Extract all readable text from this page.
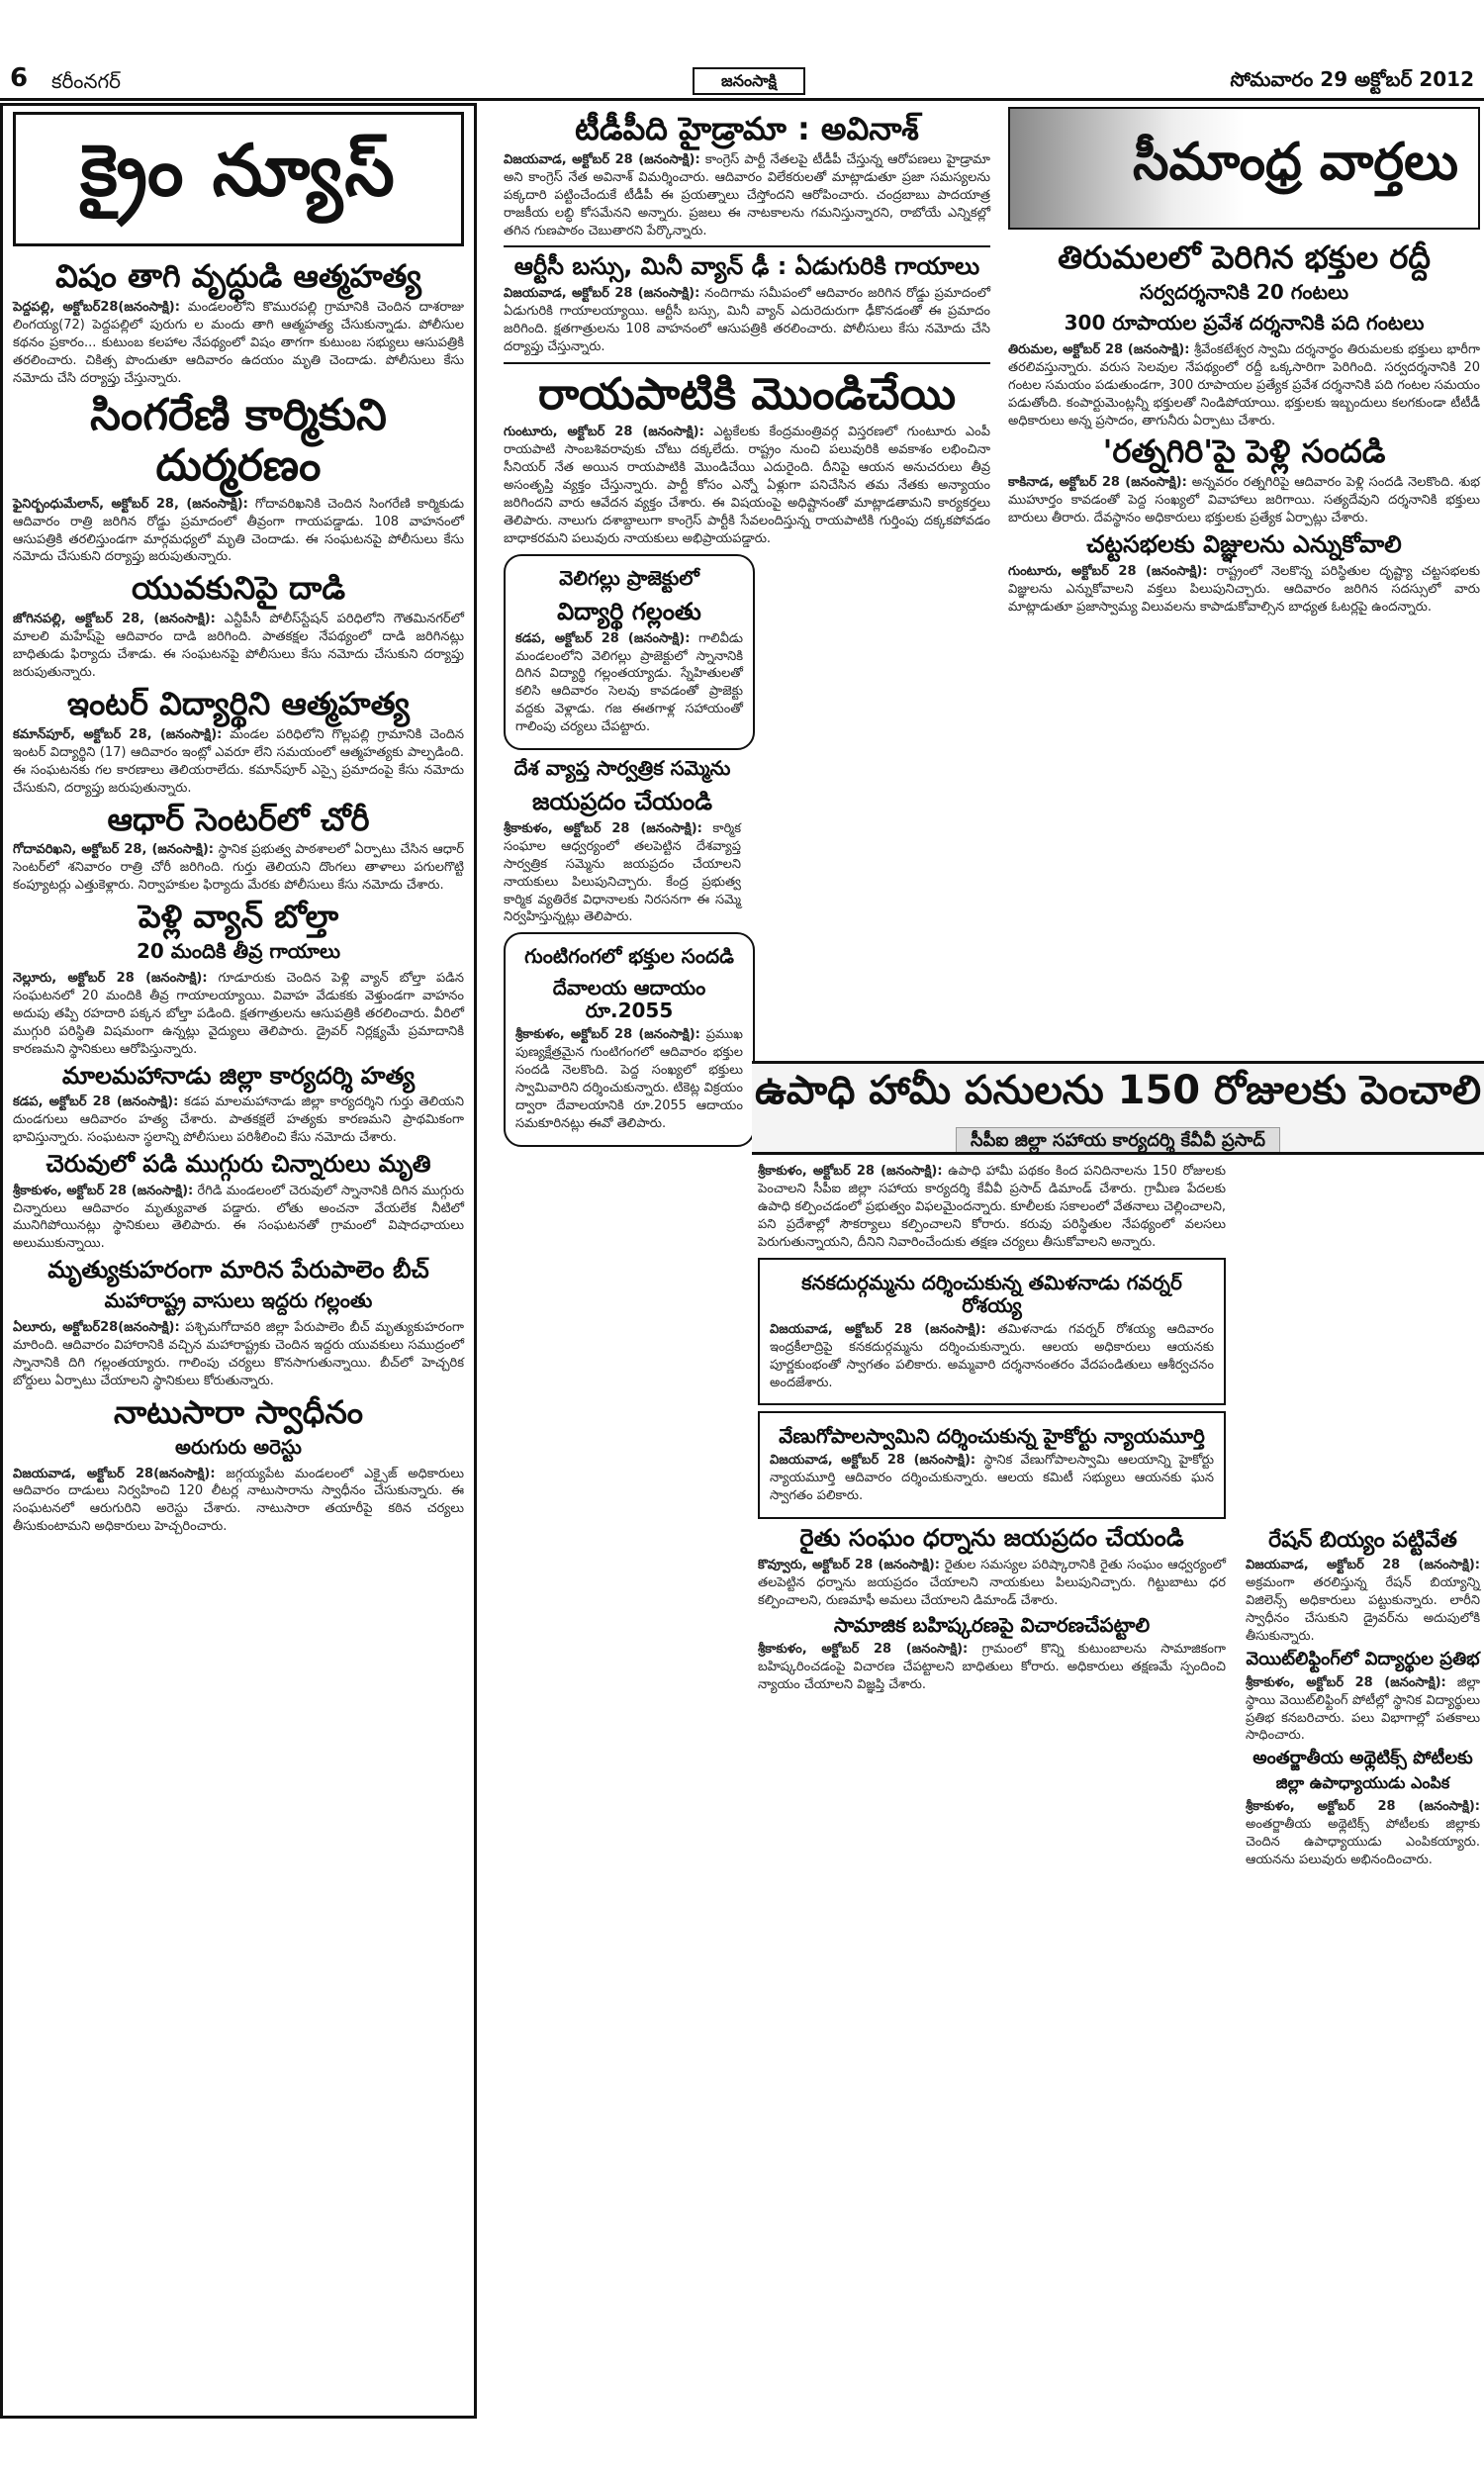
6 కరీంనగర్	జనంసాక్షి	సోమవారం 29 అక్టోబర్ 2012
క్రైం న్యూస్
విషం తాగి వృద్ధుడి ఆత్మహత్య
పెద్దపల్లి, అక్టోబర్28(జనంసాక్షి): మండలంలోని కొమురపల్లి గ్రామానికి చెందిన దాశరాజు లింగయ్య(72) పెద్దపల్లిలో పురుగు ల మందు తాగి ఆత్మహత్య చేసుకున్నాడు. పోలీసుల కథనం ప్రకారం... కుటుంబ కలహాల నేపథ్యంలో విషం తాగగా కుటుంబ సభ్యులు ఆసుపత్రికి తరలించారు. చికిత్స పొందుతూ ఆదివారం ఉదయం మృతి చెందాడు. పోలీసులు కేసు నమోదు చేసి దర్యాప్తు చేస్తున్నారు.
సింగరేణి కార్మికుని దుర్మరణం
ఫైనిర్బంధుమేలాన్, అక్టోబర్ 28, (జనంసాక్షి): గోదావరిఖనికి చెందిన సింగరేణి కార్మికుడు ఆదివారం రాత్రి జరిగిన రోడ్డు ప్రమాదంలో తీవ్రంగా గాయపడ్డాడు. 108 వాహనంలో ఆసుపత్రికి తరలిస్తుండగా మార్గమధ్యలో మృతి చెందాడు. ఈ సంఘటనపై పోలీసులు కేసు నమోదు చేసుకుని దర్యాప్తు జరుపుతున్నారు.
యువకునిపై దాడి
జోగినపల్లి, అక్టోబర్ 28, (జనంసాక్షి): ఎన్టీపీసీ పోలీస్‌స్టేషన్ పరిధిలోని గౌతమినగర్‌లో మాలలి మహేష్‌పై ఆదివారం దాడి జరిగింది. పాతకక్షల నేపథ్యంలో దాడి జరిగినట్లు బాధితుడు ఫిర్యాదు చేశాడు. ఈ సంఘటనపై పోలీసులు కేసు నమోదు చేసుకుని దర్యాప్తు జరుపుతున్నారు.
ఇంటర్ విద్యార్థిని ఆత్మహత్య
కమాన్‌పూర్, అక్టోబర్ 28, (జనంసాక్షి): మండల పరిధిలోని గొల్లపల్లి గ్రామానికి చెందిన ఇంటర్ విద్యార్థిని (17) ఆదివారం ఇంట్లో ఎవరూ లేని సమయంలో ఆత్మహత్యకు పాల్పడింది. ఈ సంఘటనకు గల కారణాలు తెలియరాలేదు. కమాన్‌పూర్ ఎస్సై ప్రమాదంపై కేసు నమోదు చేసుకుని, దర్యాప్తు జరుపుతున్నారు.
ఆధార్ సెంటర్‌లో చోరీ
గోదావరిఖని, అక్టోబర్ 28, (జనంసాక్షి): స్థానిక ప్రభుత్వ పాఠశాలలో ఏర్పాటు చేసిన ఆధార్ సెంటర్‌లో శనివారం రాత్రి చోరీ జరిగింది. గుర్తు తెలియని దొంగలు తాళాలు పగులగొట్టి కంప్యూటర్లు ఎత్తుకెళ్లారు. నిర్వాహకుల ఫిర్యాదు మేరకు పోలీసులు కేసు నమోదు చేశారు.
పెళ్లి వ్యాన్ బోల్తా
20 మందికి తీవ్ర గాయాలు
నెల్లూరు, అక్టోబర్ 28 (జనంసాక్షి): గూడూరుకు చెందిన పెళ్లి వ్యాన్ బోల్తా పడిన సంఘటనలో 20 మందికి తీవ్ర గాయాలయ్యాయి. వివాహ వేడుకకు వెళ్తుండగా వాహనం అదుపు తప్పి రహదారి పక్కన బోల్తా పడింది. క్షతగాత్రులను ఆసుపత్రికి తరలించారు. వీరిలో ముగ్గురి పరిస్థితి విషమంగా ఉన్నట్లు వైద్యులు తెలిపారు. డ్రైవర్ నిర్లక్ష్యమే ప్రమాదానికి కారణమని స్థానికులు ఆరోపిస్తున్నారు.
మాలమహానాడు జిల్లా కార్యదర్శి హత్య
కడప, అక్టోబర్ 28 (జనంసాక్షి): కడప మాలమహానాడు జిల్లా కార్యదర్శిని గుర్తు తెలియని దుండగులు ఆదివారం హత్య చేశారు. పాతకక్షలే హత్యకు కారణమని ప్రాథమికంగా భావిస్తున్నారు. సంఘటనా స్థలాన్ని పోలీసులు పరిశీలించి కేసు నమోదు చేశారు.
చెరువులో పడి ముగ్గురు చిన్నారులు మృతి
శ్రీకాకుళం, అక్టోబర్ 28 (జనంసాక్షి): రేగిడి మండలంలో చెరువులో స్నానానికి దిగిన ముగ్గురు చిన్నారులు ఆదివారం మృత్యువాత పడ్డారు. లోతు అంచనా వేయలేక నీటిలో మునిగిపోయినట్లు స్థానికులు తెలిపారు. ఈ సంఘటనతో గ్రామంలో విషాదఛాయలు అలుముకున్నాయి.
మృత్యుకుహరంగా మారిన పేరుపాలెం బీచ్
మహారాష్ట్ర వాసులు ఇద్దరు గల్లంతు
ఏలూరు, అక్టోబర్28(జనంసాక్షి): పశ్చిమగోదావరి జిల్లా పేరుపాలెం బీచ్ మృత్యుకుహరంగా మారింది. ఆదివారం విహారానికి వచ్చిన మహారాష్ట్రకు చెందిన ఇద్దరు యువకులు సముద్రంలో స్నానానికి దిగి గల్లంతయ్యారు. గాలింపు చర్యలు కొనసాగుతున్నాయి. బీచ్‌లో హెచ్చరిక బోర్డులు ఏర్పాటు చేయాలని స్థానికులు కోరుతున్నారు.
నాటుసారా స్వాధీనం
అరుగురు అరెస్టు
విజయవాడ, అక్టోబర్ 28(జనంసాక్షి): జగ్గయ్యపేట మండలంలో ఎక్సైజ్ అధికారులు ఆదివారం దాడులు నిర్వహించి 120 లీటర్ల నాటుసారాను స్వాధీనం చేసుకున్నారు. ఈ సంఘటనలో ఆరుగురిని అరెస్టు చేశారు. నాటుసారా తయారీపై కఠిన చర్యలు తీసుకుంటామని అధికారులు హెచ్చరించారు.
టీడీపీది హైడ్రామా : అవినాశ్
విజయవాడ, అక్టోబర్ 28 (జనంసాక్షి): కాంగ్రెస్ పార్టీ నేతలపై టీడీపీ చేస్తున్న ఆరోపణలు హైడ్రామా అని కాంగ్రెస్ నేత అవినాశ్ విమర్శించారు. ఆదివారం విలేకరులతో మాట్లాడుతూ ప్రజా సమస్యలను పక్కదారి పట్టించేందుకే టీడీపీ ఈ ప్రయత్నాలు చేస్తోందని ఆరోపించారు. చంద్రబాబు పాదయాత్ర రాజకీయ లబ్ధి కోసమేనని అన్నారు. ప్రజలు ఈ నాటకాలను గమనిస్తున్నారని, రాబోయే ఎన్నికల్లో తగిన గుణపాఠం చెబుతారని పేర్కొన్నారు.
ఆర్టీసీ బస్సు, మినీ వ్యాన్ ఢీ : ఏడుగురికి గాయాలు
విజయవాడ, అక్టోబర్ 28 (జనంసాక్షి): నందిగామ సమీపంలో ఆదివారం జరిగిన రోడ్డు ప్రమాదంలో ఏడుగురికి గాయాలయ్యాయి. ఆర్టీసీ బస్సు, మినీ వ్యాన్ ఎదురెదురుగా ఢీకొనడంతో ఈ ప్రమాదం జరిగింది. క్షతగాత్రులను 108 వాహనంలో ఆసుపత్రికి తరలించారు. పోలీసులు కేసు నమోదు చేసి దర్యాప్తు చేస్తున్నారు.
రాయపాటికి మొండిచేయి
గుంటూరు, అక్టోబర్ 28 (జనంసాక్షి): ఎట్టకేలకు కేంద్రమంత్రివర్గ విస్తరణలో గుంటూరు ఎంపీ రాయపాటి సాంబశివరావుకు చోటు దక్కలేదు. రాష్ట్రం నుంచి పలువురికి అవకాశం లభించినా సీనియర్ నేత అయిన రాయపాటికి మొండిచేయి ఎదురైంది. దీనిపై ఆయన అనుచరులు తీవ్ర అసంతృప్తి వ్యక్తం చేస్తున్నారు. పార్టీ కోసం ఎన్నో ఏళ్లుగా పనిచేసిన తమ నేతకు అన్యాయం జరిగిందని వారు ఆవేదన వ్యక్తం చేశారు. ఈ విషయంపై అధిష్టానంతో మాట్లాడతామని కార్యకర్తలు తెలిపారు. నాలుగు దశాబ్దాలుగా కాంగ్రెస్ పార్టీకి సేవలందిస్తున్న రాయపాటికి గుర్తింపు దక్కకపోవడం బాధాకరమని పలువురు నాయకులు అభిప్రాయపడ్డారు.
వెలిగల్లు ప్రాజెక్టులో
విద్యార్థి గల్లంతు
కడప, అక్టోబర్ 28 (జనంసాక్షి): గాలివీడు మండలంలోని వెలిగల్లు ప్రాజెక్టులో స్నానానికి దిగిన విద్యార్థి గల్లంతయ్యాడు. స్నేహితులతో కలిసి ఆదివారం సెలవు కావడంతో ప్రాజెక్టు వద్దకు వెళ్లాడు. గజ ఈతగాళ్ల సహాయంతో గాలింపు చర్యలు చేపట్టారు.
దేశ వ్యాప్త సార్వత్రిక సమ్మెను
జయప్రదం చేయండి
శ్రీకాకుళం, అక్టోబర్ 28 (జనంసాక్షి): కార్మిక సంఘాల ఆధ్వర్యంలో తలపెట్టిన దేశవ్యాప్త సార్వత్రిక సమ్మెను జయప్రదం చేయాలని నాయకులు పిలుపునిచ్చారు. కేంద్ర ప్రభుత్వ కార్మిక వ్యతిరేక విధానాలకు నిరసనగా ఈ సమ్మె నిర్వహిస్తున్నట్లు తెలిపారు.
గుంటిగంగలో భక్తుల సందడి
దేవాలయ ఆదాయం రూ.2055
శ్రీకాకుళం, అక్టోబర్ 28 (జనంసాక్షి): ప్రముఖ పుణ్యక్షేత్రమైన గుంటిగంగలో ఆదివారం భక్తుల సందడి నెలకొంది. పెద్ద సంఖ్యలో భక్తులు స్వామివారిని దర్శించుకున్నారు. టికెట్ల విక్రయం ద్వారా దేవాలయానికి రూ.2055 ఆదాయం సమకూరినట్లు ఈవో తెలిపారు.
సీమాంధ్ర వార్తలు
తిరుమలలో పెరిగిన భక్తుల రద్దీ
సర్వదర్శనానికి 20 గంటలు
300 రూపాయల ప్రవేశ దర్శనానికి పది గంటలు
తిరుమల, అక్టోబర్ 28 (జనంసాక్షి): శ్రీవేంకటేశ్వర స్వామి దర్శనార్థం తిరుమలకు భక్తులు భారీగా తరలివస్తున్నారు. వరుస సెలవుల నేపథ్యంలో రద్దీ ఒక్కసారిగా పెరిగింది. సర్వదర్శనానికి 20 గంటల సమయం పడుతుండగా, 300 రూపాయల ప్రత్యేక ప్రవేశ దర్శనానికి పది గంటల సమయం పడుతోంది. కంపార్టుమెంట్లన్నీ భక్తులతో నిండిపోయాయి. భక్తులకు ఇబ్బందులు కలగకుండా టీటీడీ అధికారులు అన్న ప్రసాదం, తాగునీరు ఏర్పాటు చేశారు.
'రత్నగిరి'పై పెళ్లి సందడి
కాకినాడ, అక్టోబర్ 28 (జనంసాక్షి): అన్నవరం రత్నగిరిపై ఆదివారం పెళ్లి సందడి నెలకొంది. శుభ ముహూర్తం కావడంతో పెద్ద సంఖ్యలో వివాహాలు జరిగాయి. సత్యదేవుని దర్శనానికి భక్తులు బారులు తీరారు. దేవస్థానం అధికారులు భక్తులకు ప్రత్యేక ఏర్పాట్లు చేశారు.
చట్టసభలకు విజ్ఞులను ఎన్నుకోవాలి
గుంటూరు, అక్టోబర్ 28 (జనంసాక్షి): రాష్ట్రంలో నెలకొన్న పరిస్థితుల దృష్ట్యా చట్టసభలకు విజ్ఞులను ఎన్నుకోవాలని వక్తలు పిలుపునిచ్చారు. ఆదివారం జరిగిన సదస్సులో వారు మాట్లాడుతూ ప్రజాస్వామ్య విలువలను కాపాడుకోవాల్సిన బాధ్యత ఓటర్లపై ఉందన్నారు.
ఉపాధి హామీ పనులను 150 రోజులకు పెంచాలి
సీపీఐ జిల్లా సహాయ కార్యదర్శి కేవీవీ ప్రసాద్
శ్రీకాకుళం, అక్టోబర్ 28 (జనంసాక్షి): ఉపాధి హామీ పథకం కింద పనిదినాలను 150 రోజులకు పెంచాలని సీపీఐ జిల్లా సహాయ కార్యదర్శి కేవీవీ ప్రసాద్ డిమాండ్ చేశారు. గ్రామీణ పేదలకు ఉపాధి కల్పించడంలో ప్రభుత్వం విఫలమైందన్నారు. కూలీలకు సకాలంలో వేతనాలు చెల్లించాలని, పని ప్రదేశాల్లో సౌకర్యాలు కల్పించాలని కోరారు. కరువు పరిస్థితుల నేపథ్యంలో వలసలు పెరుగుతున్నాయని, దీనిని నివారించేందుకు తక్షణ చర్యలు తీసుకోవాలని అన్నారు.
కనకదుర్గమ్మను దర్శించుకున్న తమిళనాడు గవర్నర్ రోశయ్య
విజయవాడ, అక్టోబర్ 28 (జనంసాక్షి): తమిళనాడు గవర్నర్ రోశయ్య ఆదివారం ఇంద్రకీలాద్రిపై కనకదుర్గమ్మను దర్శించుకున్నారు. ఆలయ అధికారులు ఆయనకు పూర్ణకుంభంతో స్వాగతం పలికారు. అమ్మవారి దర్శనానంతరం వేదపండితులు ఆశీర్వచనం అందజేశారు.
వేణుగోపాలస్వామిని దర్శించుకున్న హైకోర్టు న్యాయమూర్తి
విజయవాడ, అక్టోబర్ 28 (జనంసాక్షి): స్థానిక వేణుగోపాలస్వామి ఆలయాన్ని హైకోర్టు న్యాయమూర్తి ఆదివారం దర్శించుకున్నారు. ఆలయ కమిటీ సభ్యులు ఆయనకు ఘన స్వాగతం పలికారు.
రైతు సంఘం ధర్నాను జయప్రదం చేయండి
కొవ్వూరు, అక్టోబర్ 28 (జనంసాక్షి): రైతుల సమస్యల పరిష్కారానికి రైతు సంఘం ఆధ్వర్యంలో తలపెట్టిన ధర్నాను జయప్రదం చేయాలని నాయకులు పిలుపునిచ్చారు. గిట్టుబాటు ధర కల్పించాలని, రుణమాఫీ అమలు చేయాలని డిమాండ్ చేశారు.
సామాజిక బహిష్కరణపై విచారణచేపట్టాలి
శ్రీకాకుళం, అక్టోబర్ 28 (జనంసాక్షి): గ్రామంలో కొన్ని కుటుంబాలను సామాజికంగా బహిష్కరించడంపై విచారణ చేపట్టాలని బాధితులు కోరారు. అధికారులు తక్షణమే స్పందించి న్యాయం చేయాలని విజ్ఞప్తి చేశారు.
రేషన్ బియ్యం పట్టివేత
విజయవాడ, అక్టోబర్ 28 (జనంసాక్షి): అక్రమంగా తరలిస్తున్న రేషన్ బియ్యాన్ని విజిలెన్స్ అధికారులు పట్టుకున్నారు. లారీని స్వాధీనం చేసుకుని డ్రైవర్‌ను అదుపులోకి తీసుకున్నారు.
వెయిట్‌లిఫ్టింగ్‌లో విద్యార్థుల ప్రతిభ
శ్రీకాకుళం, అక్టోబర్ 28 (జనంసాక్షి): జిల్లా స్థాయి వెయిట్‌లిఫ్టింగ్ పోటీల్లో స్థానిక విద్యార్థులు ప్రతిభ కనబరిచారు. పలు విభాగాల్లో పతకాలు సాధించారు.
అంతర్జాతీయ అథ్లెటిక్స్ పోటీలకు
జిల్లా ఉపాధ్యాయుడు ఎంపిక
శ్రీకాకుళం, అక్టోబర్ 28 (జనంసాక్షి): అంతర్జాతీయ అథ్లెటిక్స్ పోటీలకు జిల్లాకు చెందిన ఉపాధ్యాయుడు ఎంపికయ్యారు. ఆయనను పలువురు అభినందించారు.
